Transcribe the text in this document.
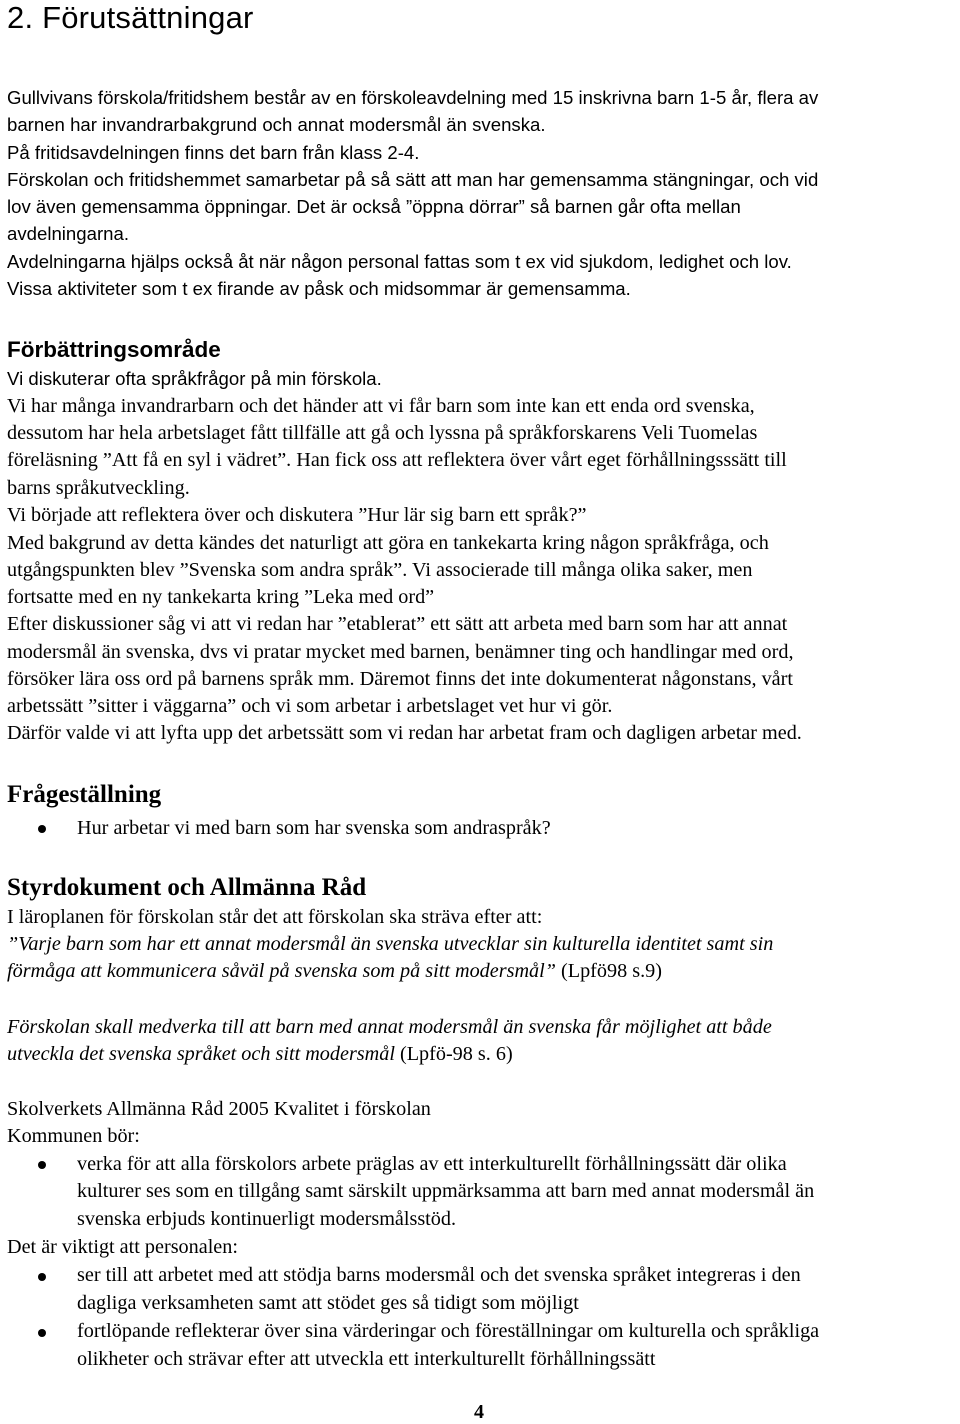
2. Förutsättningar
Gullvivans förskola/fritidshem består av en förskoleavdelning med 15 inskrivna barn 1-5 år, flera av
barnen har invandrarbakgrund och annat modersmål än svenska.
På fritidsavdelningen finns det barn från klass 2-4.
Förskolan och fritidshemmet samarbetar på så sätt att man har gemensamma stängningar, och vid
lov även gemensamma öppningar. Det är också ”öppna dörrar” så barnen går ofta mellan
avdelningarna.
Avdelningarna hjälps också åt när någon personal fattas som t ex vid sjukdom, ledighet och lov.
Vissa aktiviteter som t ex firande av påsk och midsommar är gemensamma.
Förbättringsområde
Vi diskuterar ofta språkfrågor på min förskola.
Vi har många invandrarbarn och det händer att vi får barn som inte kan ett enda ord svenska,
dessutom har hela arbetslaget fått tillfälle att gå och lyssna på språkforskarens Veli Tuomelas
föreläsning ”Att få en syl i vädret”. Han fick oss att reflektera över vårt eget förhållningsssätt till
barns språkutveckling.
Vi började att reflektera över och diskutera ”Hur lär sig barn ett språk?”
Med bakgrund av detta kändes det naturligt att göra en tankekarta kring någon språkfråga, och
utgångspunkten blev ”Svenska som andra språk”. Vi associerade till många olika saker, men
fortsatte med en ny tankekarta kring ”Leka med ord”
Efter diskussioner såg vi att vi redan har ”etablerat” ett sätt att arbeta med barn som har att annat
modersmål än svenska, dvs vi pratar mycket med barnen, benämner ting och handlingar med ord,
försöker lära oss ord på barnens språk mm. Däremot finns det inte dokumenterat någonstans, vårt
arbetssätt ”sitter i väggarna” och vi som arbetar i arbetslaget vet hur vi gör.
Därför valde vi att lyfta upp det arbetssätt som vi redan har arbetat fram och dagligen arbetar med.
Frågeställning
Hur arbetar vi med barn som har svenska som andraspråk?
Styrdokument och Allmänna Råd
I läroplanen för förskolan står det att förskolan ska sträva efter att:
”Varje barn som har ett annat modersmål än svenska utvecklar sin kulturella identitet samt sin
förmåga att kommunicera såväl på svenska som på sitt modersmål” (Lpfö98 s.9)
Förskolan skall medverka till att barn med annat modersmål än svenska får möjlighet att både
utveckla det svenska språket och sitt modersmål (Lpfö-98 s. 6)
Skolverkets Allmänna Råd 2005 Kvalitet i förskolan
Kommunen bör:
verka för att alla förskolors arbete präglas av ett interkulturellt förhållningssätt där olika
kulturer ses som en tillgång samt särskilt uppmärksamma att barn med annat modersmål än
svenska erbjuds kontinuerligt modersmålsstöd.
Det är viktigt att personalen:
ser till att arbetet med att stödja barns modersmål och det svenska språket integreras i den
dagliga verksamheten samt att stödet ges så tidigt som möjligt
fortlöpande reflekterar över sina värderingar och föreställningar om kulturella och språkliga
olikheter och strävar efter att utveckla ett interkulturellt förhållningssätt
4
